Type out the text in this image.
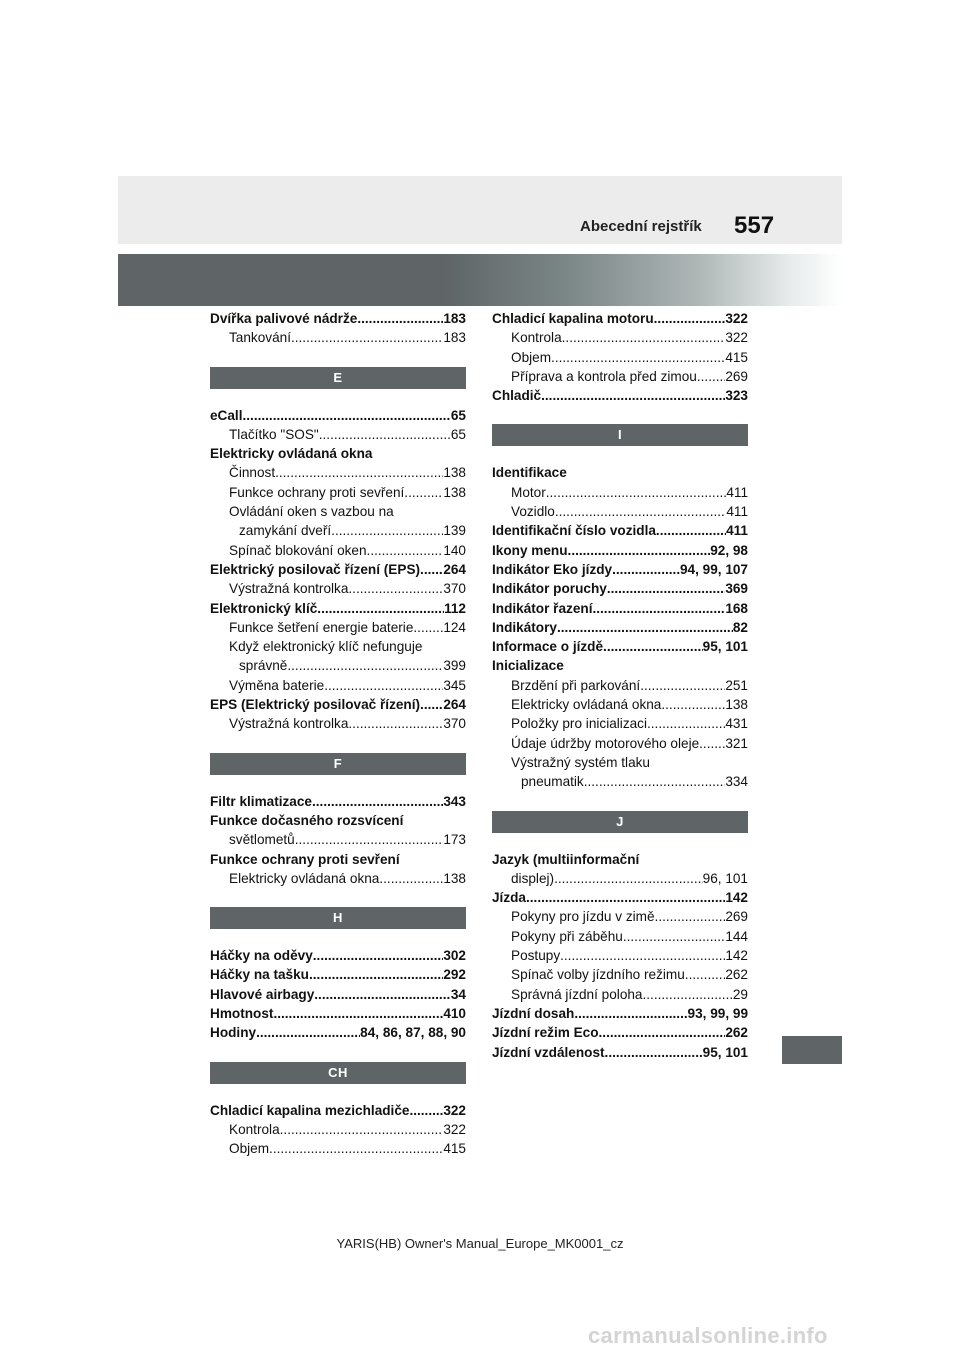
Abecední rejstřík 557
Dvířka palivové nádrže .....	183
Tankování .....	183
E
eCall .....	65
Tlačítko "SOS" .....	65
Elektricky ovládaná okna
Činnost .....	138
Funkce ochrany proti sevření .....	138
Ovládání oken s vazbou na
zamykání dveří .....	139
Spínač blokování oken .....	140
Elektrický posilovač řízení (EPS) ..... 264
Výstražná kontrolka .....	370
Elektronický klíč .....	112
Funkce šetření energie baterie ..... 124
Když elektronický klíč nefunguje
správně .....	399
Výměna baterie .....	345
EPS (Elektrický posilovač řízení) ..... 264
Výstražná kontrolka .....	370
F
Filtr klimatizace .....	343
Funkce dočasného rozsvícení
světlometů .....	173
Funkce ochrany proti sevření
Elektricky ovládaná okna .....	138
H
Háčky na oděvy .....	302
Háčky na tašku .....	292
Hlavové airbagy .....	34
Hmotnost .....	410
Hodiny .....	84, 86, 87, 88, 90
CH
Chladicí kapalina mezichladiče ..... 322
Kontrola .....	322
Objem .....	415
Chladicí kapalina motoru .....	322
Kontrola .....	322
Objem .....	415
Příprava a kontrola před zimou ..... 269
Chladič .....	323
I
Identifikace
Motor .....	411
Vozidlo .....	411
Identifikační číslo vozidla .....	411
Ikony menu .....	92, 98
Indikátor Eko jízdy .....	94, 99, 107
Indikátor poruchy .....	369
Indikátor řazení .....	168
Indikátory .....	82
Informace o jízdě .....	95, 101
Inicializace
Brzdění při parkování .....	251
Elektricky ovládaná okna .....	138
Položky pro inicializaci .....	431
Údaje údržby motorového oleje ..... 321
Výstražný systém tlaku
pneumatik .....	334
J
Jazyk (multiinformační
displej) .....	96, 101
Jízda .....	142
Pokyny pro jízdu v zimě .....	269
Pokyny při záběhu .....	144
Postupy .....	142
Spínač volby jízdního režimu .....	262
Správná jízdní poloha .....	29
Jízdní dosah .....	93, 99, 99
Jízdní režim Eco .....	262
Jízdní vzdálenost .....	95, 101
YARIS(HB) Owner's Manual_Europe_MK0001_cz
carmanualsonline.info
